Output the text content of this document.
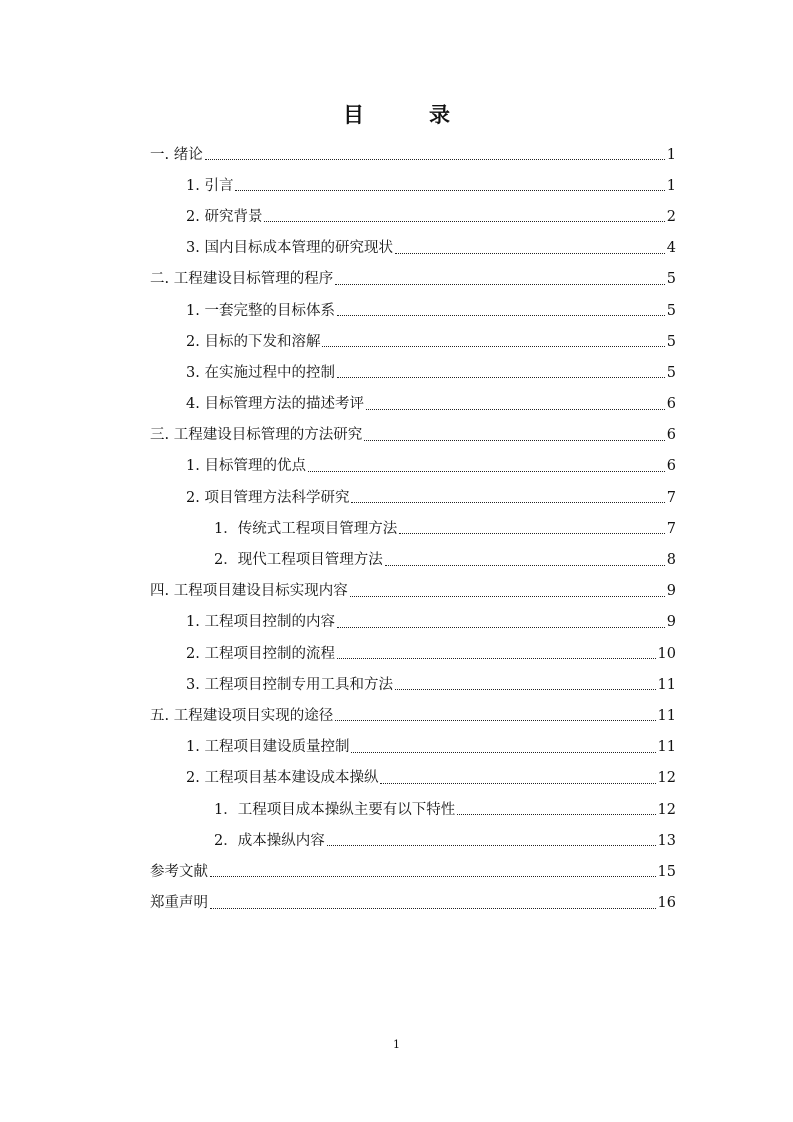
目　录
一. 绪论	1
1. 引言	1
2. 研究背景	2
3. 国内目标成本管理的研究现状	4
二. 工程建设目标管理的程序	5
1. 一套完整的目标体系	5
2. 目标的下发和溶解	5
3. 在实施过程中的控制	5
4. 目标管理方法的描述考评	6
三. 工程建设目标管理的方法研究	6
1. 目标管理的优点	6
2. 项目管理方法科学研究	7
1．传统式工程项目管理方法	7
2．现代工程项目管理方法	8
四. 工程项目建设目标实现内容	9
1. 工程项目控制的内容	9
2. 工程项目控制的流程	10
3. 工程项目控制专用工具和方法	11
五. 工程建设项目实现的途径	11
1. 工程项目建设质量控制	11
2. 工程项目基本建设成本操纵	12
1．工程项目成本操纵主要有以下特性	12
2．成本操纵内容	13
参考文献	15
郑重声明	16
1
